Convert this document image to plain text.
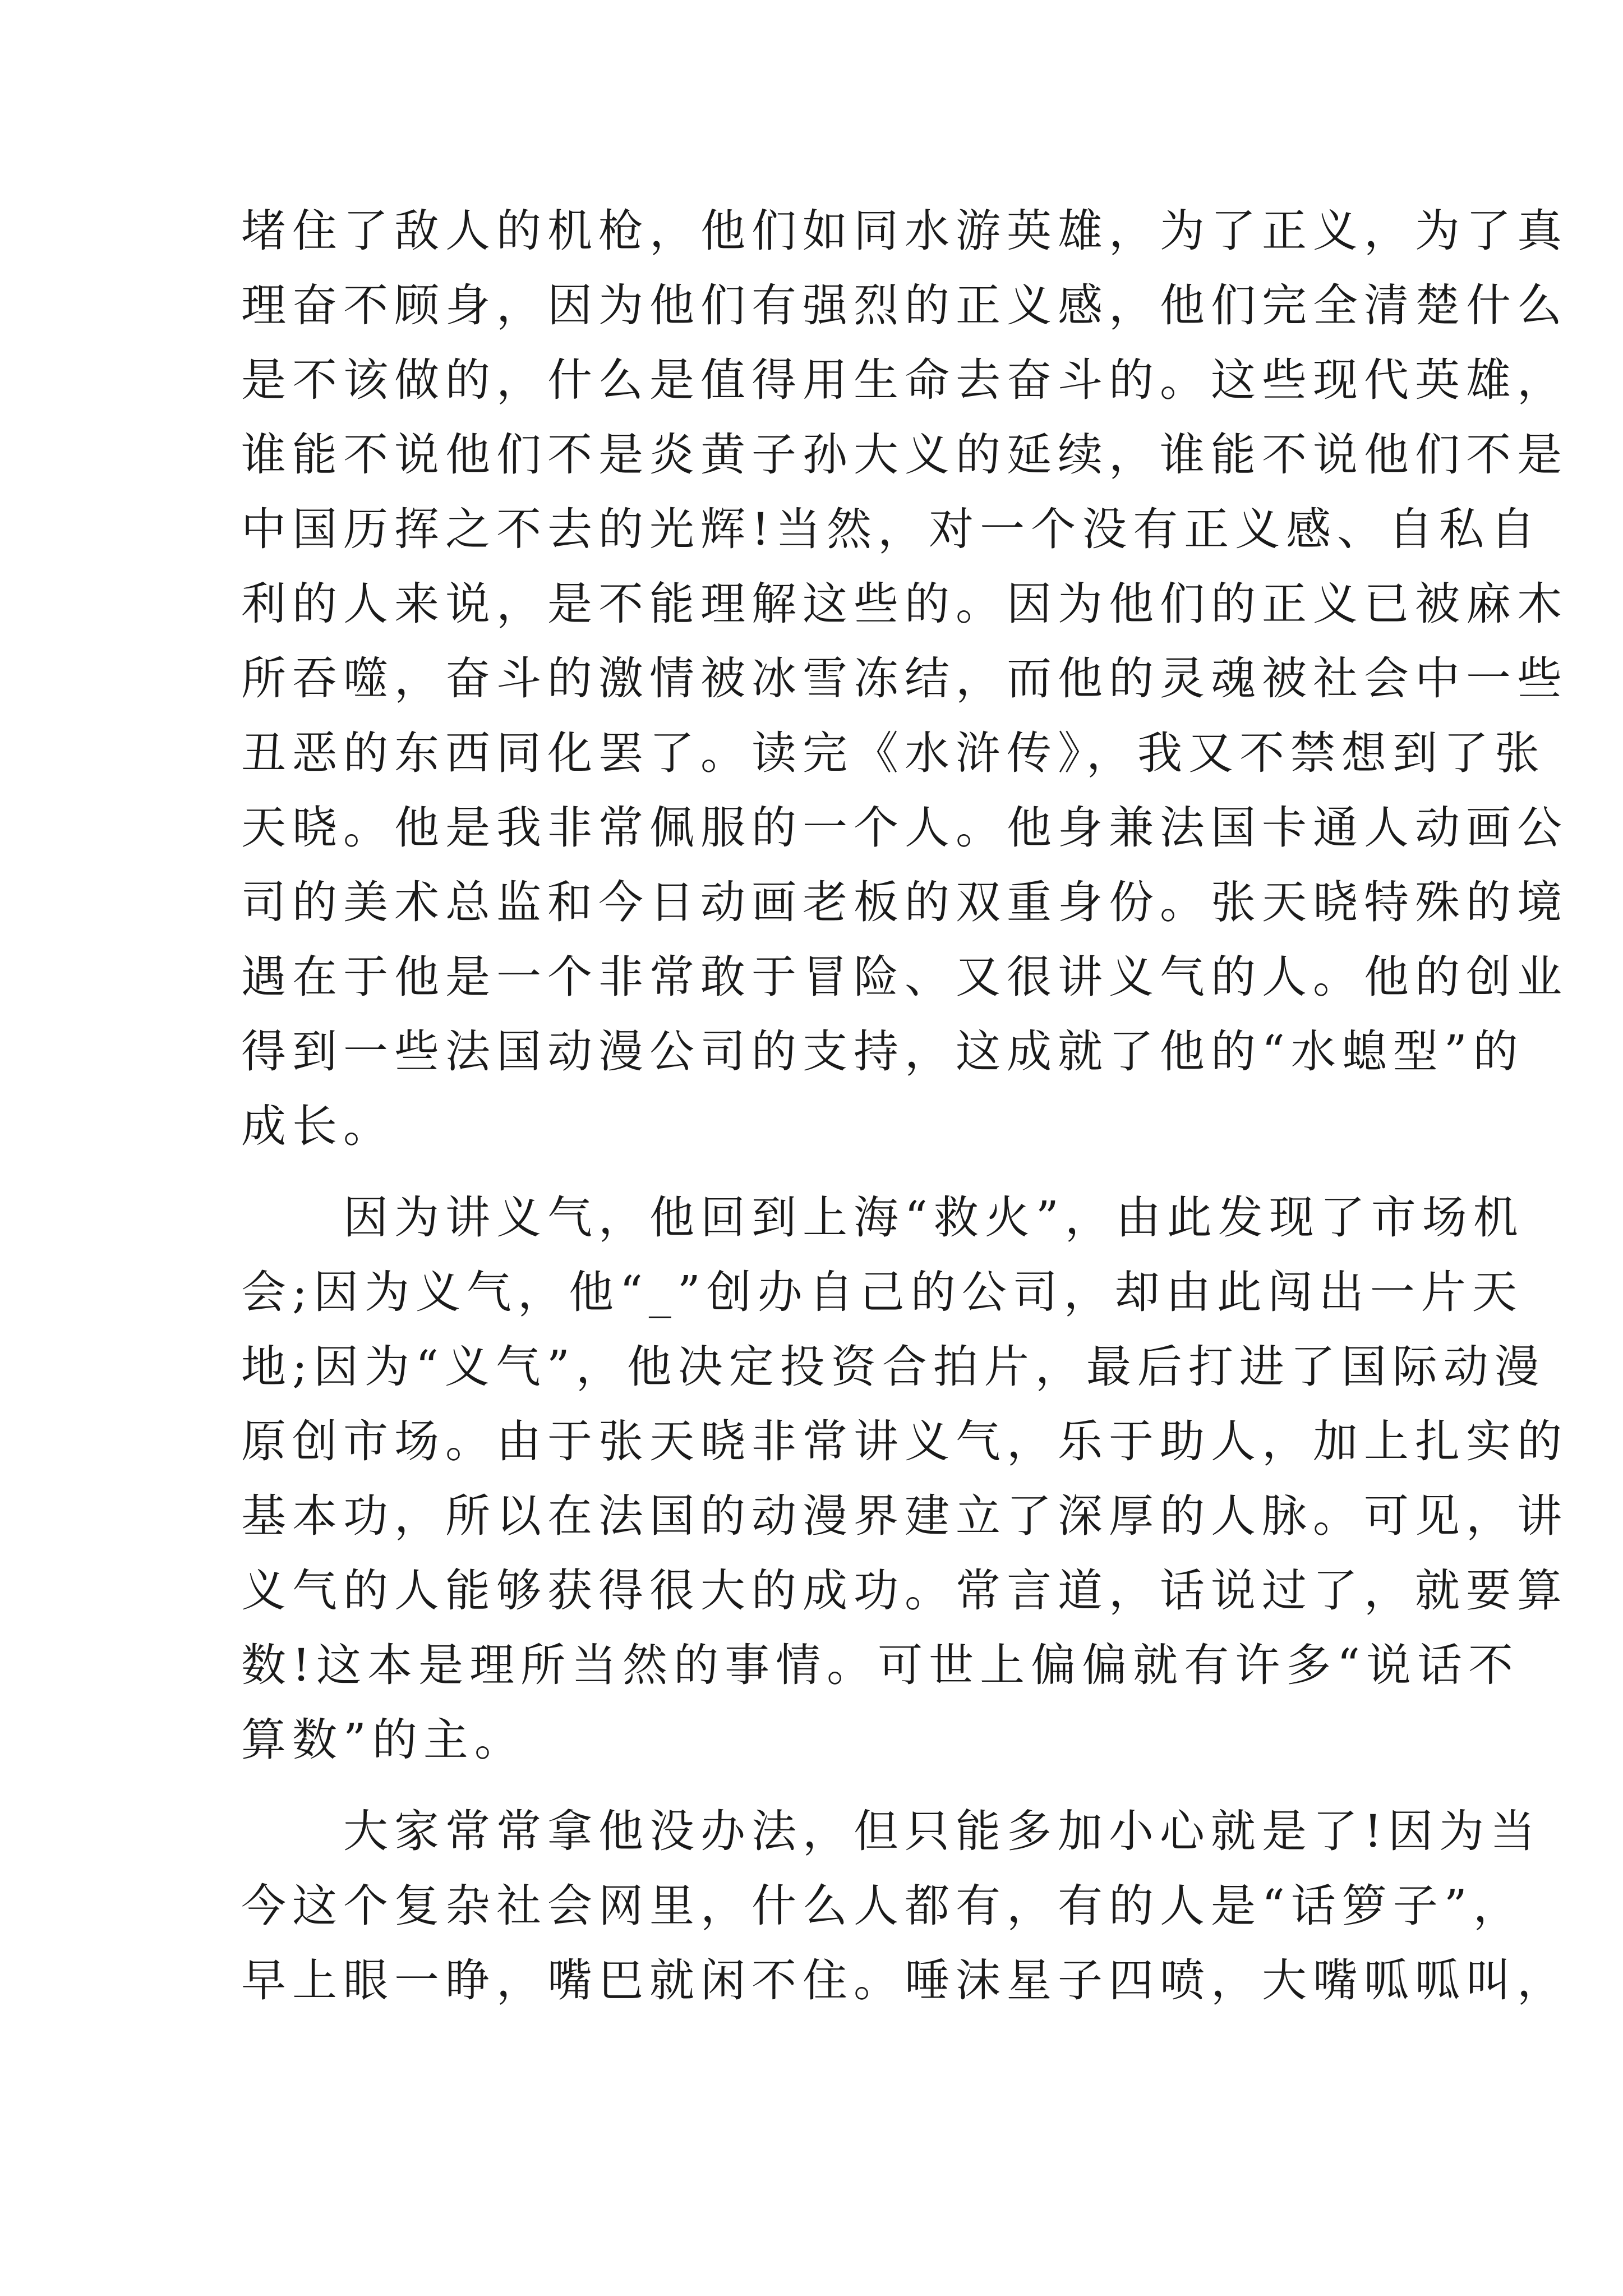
堵住了敌人的机枪，他们如同水游英雄，为了正义，为了真
理奋不顾身，因为他们有强烈的正义感，他们完全清楚什么
是不该做的，什么是值得用生命去奋斗的。这些现代英雄，
谁能不说他们不是炎黄子孙大义的延续，谁能不说他们不是
中国历挥之不去的光辉!当然，对一个没有正义感、自私自
利的人来说，是不能理解这些的。因为他们的正义已被麻木
所吞噬，奋斗的激情被冰雪冻结，而他的灵魂被社会中一些
丑恶的东西同化罢了。读完《水浒传》，我又不禁想到了张
天晓。他是我非常佩服的一个人。他身兼法国卡通人动画公
司的美术总监和今日动画老板的双重身份。张天晓特殊的境
遇在于他是一个非常敢于冒险、又很讲义气的人。他的创业
得到一些法国动漫公司的支持，这成就了他的“水螅型”的
成长。
　　因为讲义气，他回到上海“救火”，由此发现了市场机
会;因为义气，他“_”创办自己的公司，却由此闯出一片天
地;因为“义气”，他决定投资合拍片，最后打进了国际动漫
原创市场。由于张天晓非常讲义气，乐于助人，加上扎实的
基本功，所以在法国的动漫界建立了深厚的人脉。可见，讲
义气的人能够获得很大的成功。常言道，话说过了，就要算
数!这本是理所当然的事情。可世上偏偏就有许多“说话不
算数”的主。
　　大家常常拿他没办法，但只能多加小心就是了!因为当
今这个复杂社会网里，什么人都有，有的人是“话箩子”，
早上眼一睁，嘴巴就闲不住。唾沫星子四喷，大嘴呱呱叫，
